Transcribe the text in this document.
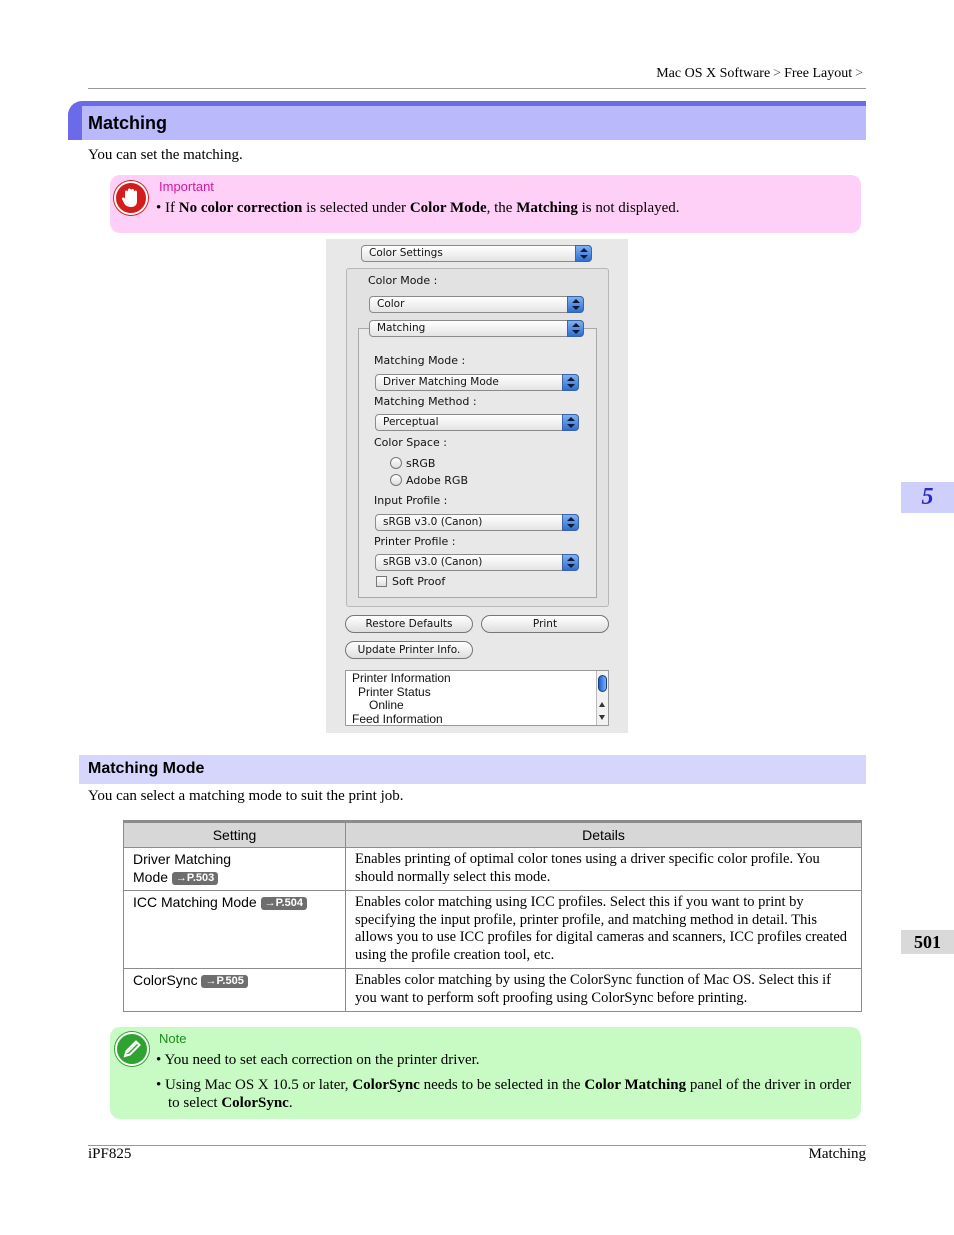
Mac OS X Software > Free Layout >
Matching
You can set the matching.
Important
• If No color correction is selected under Color Mode, the Matching is not displayed.
Color Settings
Color Mode :
Color
Matching Mode :
Driver Matching Mode
Matching Method :
Perceptual
Color Space :
sRGB
Adobe RGB
Input Profile :
sRGB v3.0 (Canon)
Printer Profile :
sRGB v3.0 (Canon)
Soft Proof
Matching
Restore Defaults	Print
Update Printer Info.
Printer Information
Printer Status
Online
Feed Information
Matching Mode
You can select a matching mode to suit the print job.
Setting	Details
Driver Matching
Mode →P.503	Enables printing of optimal color tones using a driver specific color profile. You should normally select this mode.
ICC Matching Mode →P.504	Enables color matching using ICC profiles. Select this if you want to print by specifying the input profile, printer profile, and matching method in detail. This allows you to use ICC profiles for digital cameras and scanners, ICC profiles created using the profile creation tool, etc.
ColorSync →P.505	Enables color matching by using the ColorSync function of Mac OS. Select this if you want to perform soft proofing using ColorSync before printing.
Note
• You need to set each correction on the printer driver.
• Using Mac OS X 10.5 or later, ColorSync needs to be selected in the Color Matching panel of the driver in order to select ColorSync.
5
501
iPF825	Matching
